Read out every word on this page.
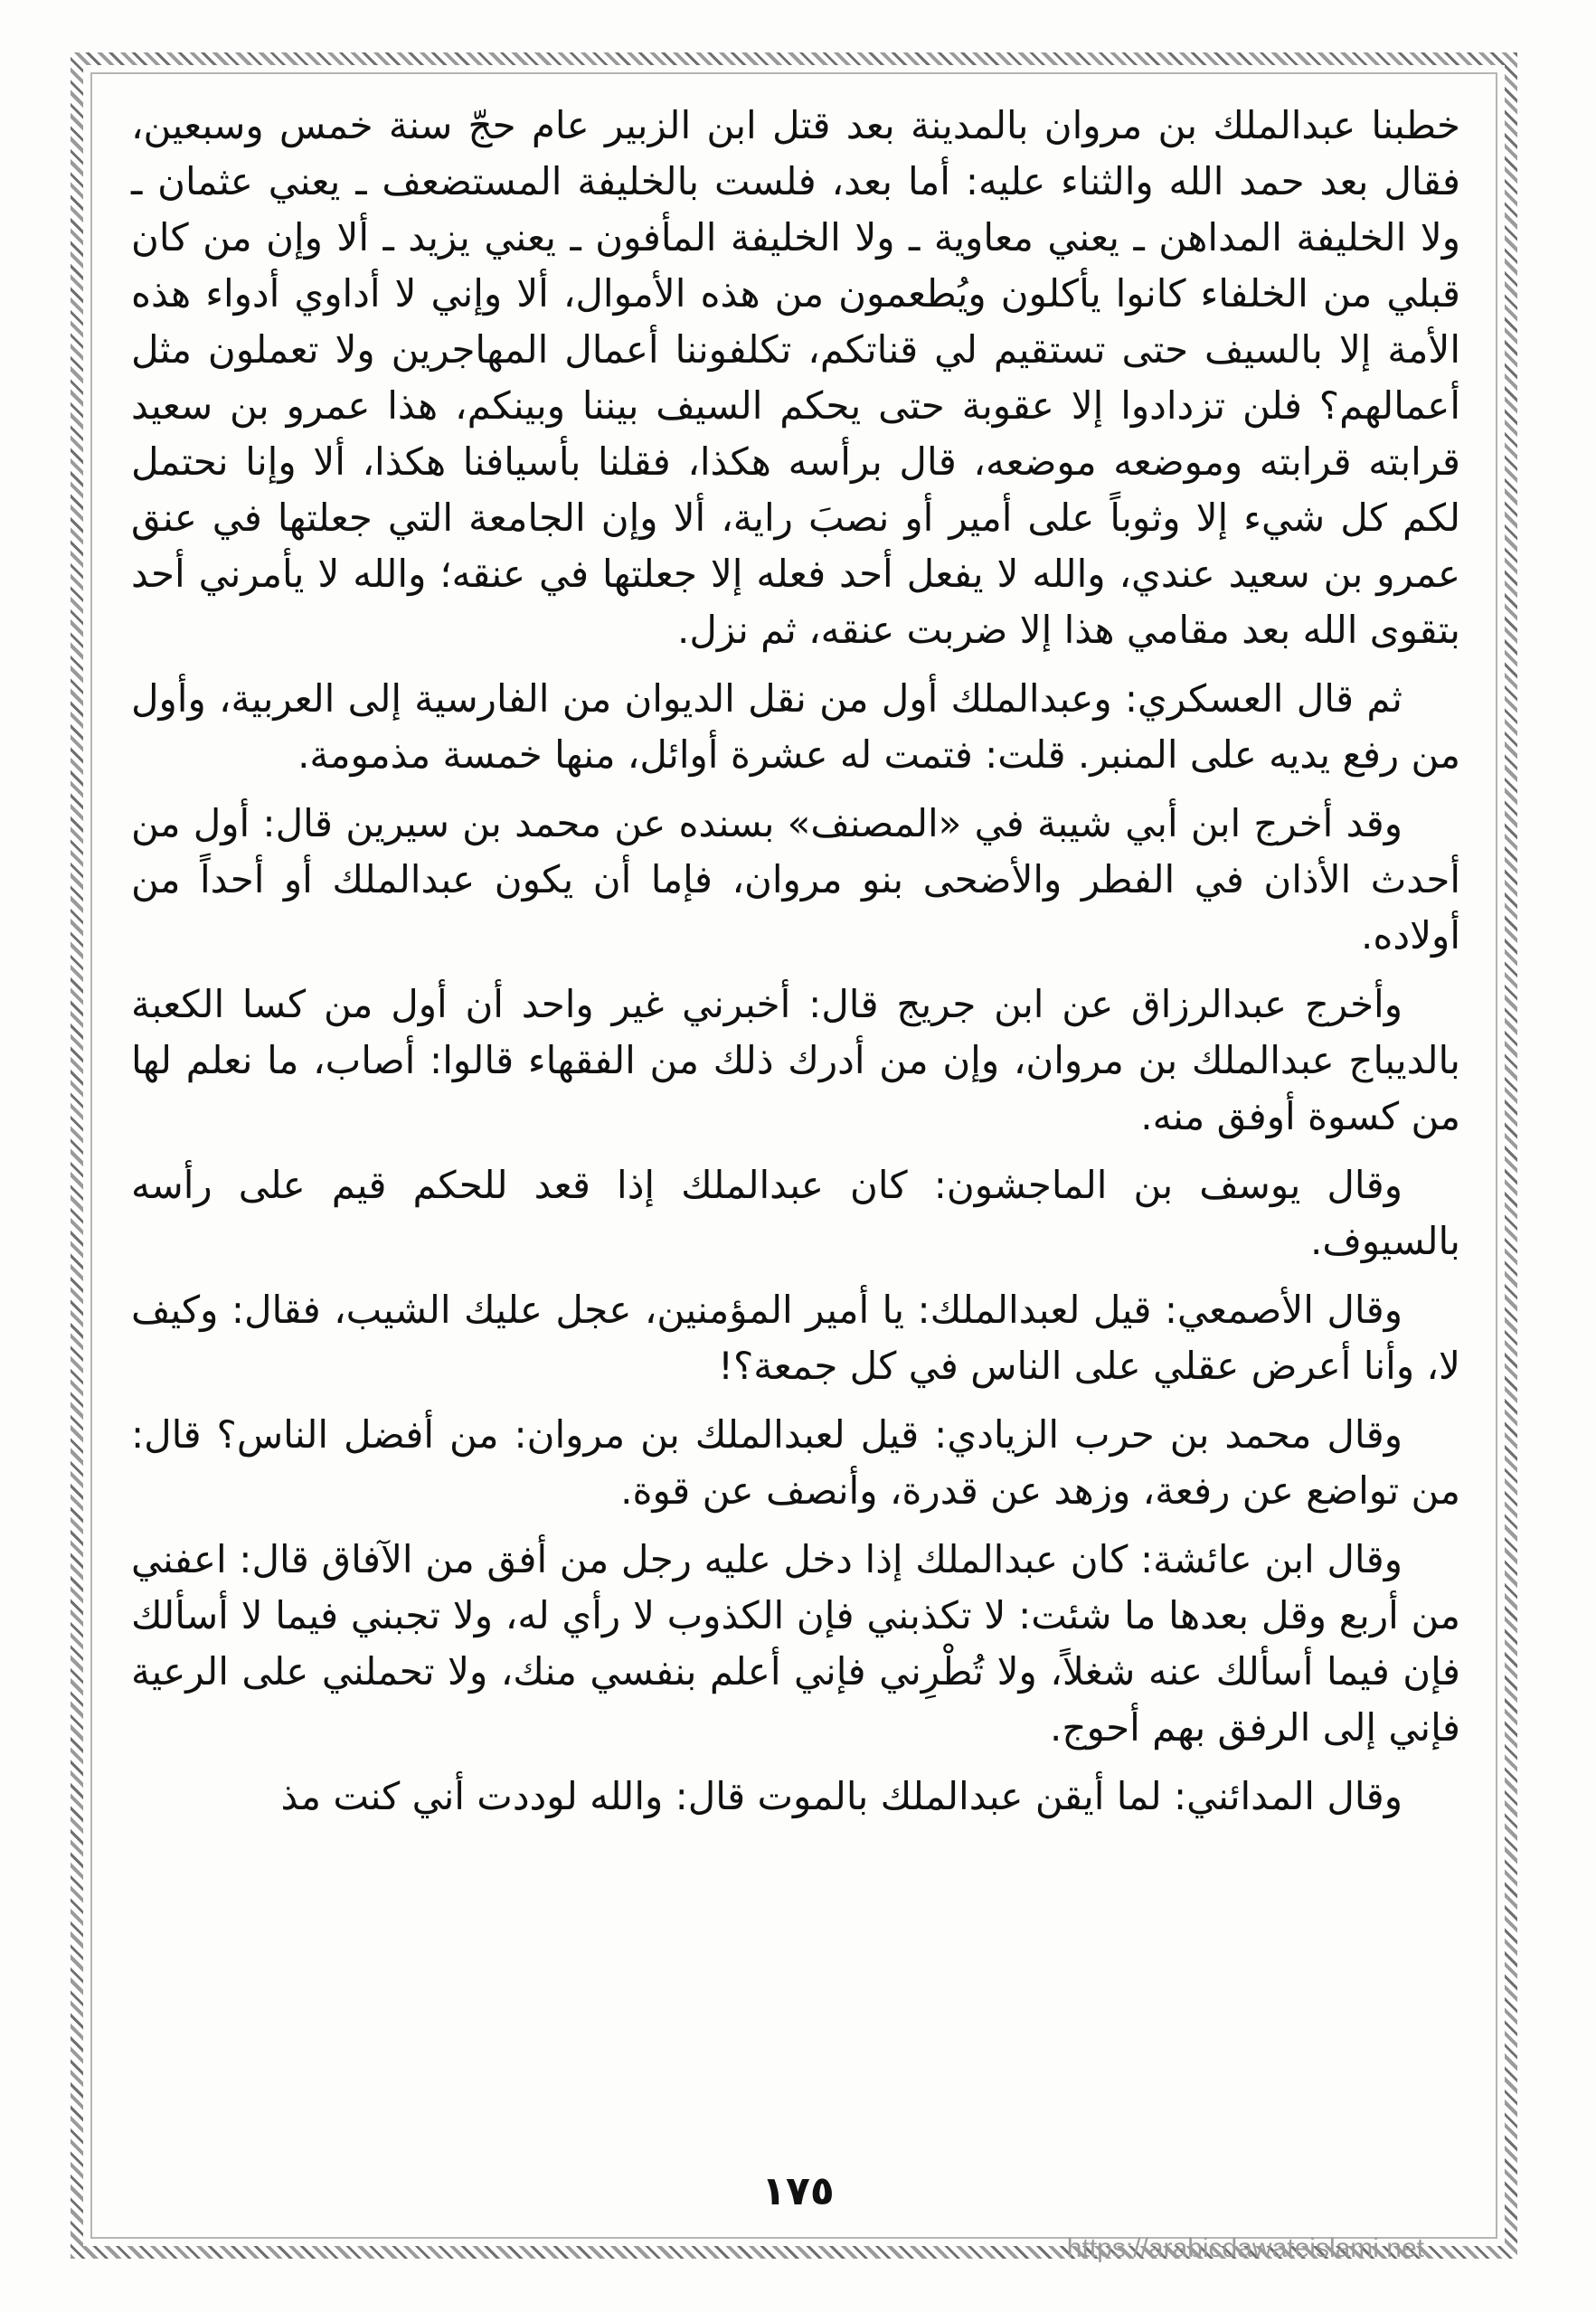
خطبنا عبدالملك بن مروان بالمدينة بعد قتل ابن الزبير عام حجّ سنة خمس وسبعين، فقال بعد حمد الله والثناء عليه: أما بعد، فلست بالخليفة المستضعف ـ يعني عثمان ـ ولا الخليفة المداهن ـ يعني معاوية ـ ولا الخليفة المأفون ـ يعني يزيد ـ ألا وإن من كان قبلي من الخلفاء كانوا يأكلون ويُطعمون من هذه الأموال، ألا وإني لا أداوي أدواء هذه الأمة إلا بالسيف حتى تستقيم لي قناتكم، تكلفوننا أعمال المهاجرين ولا تعملون مثل أعمالهم؟ فلن تزدادوا إلا عقوبة حتى يحكم السيف بيننا وبينكم، هذا عمرو بن سعيد قرابته قرابته وموضعه موضعه، قال برأسه هكذا، فقلنا بأسيافنا هكذا، ألا وإنا نحتمل لكم كل شيء إلا وثوباً على أمير أو نصبَ راية، ألا وإن الجامعة التي جعلتها في عنق عمرو بن سعيد عندي، والله لا يفعل أحد فعله إلا جعلتها في عنقه؛ والله لا يأمرني أحد بتقوى الله بعد مقامي هذا إلا ضربت عنقه، ثم نزل.

ثم قال العسكري: وعبدالملك أول من نقل الديوان من الفارسية إلى العربية، وأول من رفع يديه على المنبر. قلت: فتمت له عشرة أوائل، منها خمسة مذمومة.

وقد أخرج ابن أبي شيبة في «المصنف» بسنده عن محمد بن سيرين قال: أول من أحدث الأذان في الفطر والأضحى بنو مروان، فإما أن يكون عبدالملك أو أحداً من أولاده.

وأخرج عبدالرزاق عن ابن جريج قال: أخبرني غير واحد أن أول من كسا الكعبة بالديباج عبدالملك بن مروان، وإن من أدرك ذلك من الفقهاء قالوا: أصاب، ما نعلم لها من كسوة أوفق منه.

وقال يوسف بن الماجشون: كان عبدالملك إذا قعد للحكم قيم على رأسه بالسيوف.

وقال الأصمعي: قيل لعبدالملك: يا أمير المؤمنين، عجل عليك الشيب، فقال: وكيف لا، وأنا أعرض عقلي على الناس في كل جمعة؟!

وقال محمد بن حرب الزيادي: قيل لعبدالملك بن مروان: من أفضل الناس؟ قال: من تواضع عن رفعة، وزهد عن قدرة، وأنصف عن قوة.

وقال ابن عائشة: كان عبدالملك إذا دخل عليه رجل من أفق من الآفاق قال: اعفني من أربع وقل بعدها ما شئت: لا تكذبني فإن الكذوب لا رأي له، ولا تجبني فيما لا أسألك فإن فيما أسألك عنه شغلاً، ولا تُطْرِني فإني أعلم بنفسي منك، ولا تحملني على الرعية فإني إلى الرفق بهم أحوج.

وقال المدائني: لما أيقن عبدالملك بالموت قال: والله لوددت أني كنت مذ

١٧٥
https://arabicdawateislami.net
